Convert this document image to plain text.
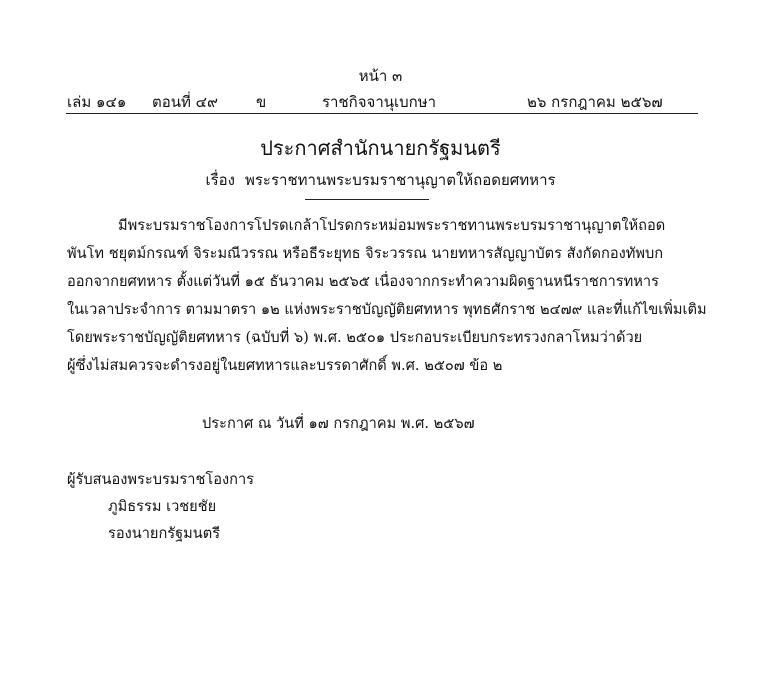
หน้า ๓
เล่ม ๑๔๑ ตอนที่ ๔๙	ข	ราชกิจจานุเบกษา	๒๖ กรกฎาคม ๒๕๖๗
ประกาศสำนักนายกรัฐมนตรี
เรื่อง พระราชทานพระบรมราชานุญาตให้ถอดยศทหาร
มีพระบรมราชโองการโปรดเกล้าโปรดกระหม่อมพระราชทานพระบรมราชานุญาตให้ถอด
พันโท ชยุตม์กรณฑ์ จิระมณีวรรณ หรือธีระยุทธ จิระวรรณ นายทหารสัญญาบัตร สังกัดกองทัพบก
ออกจากยศทหาร ตั้งแต่วันที่ ๑๕ ธันวาคม ๒๕๖๕ เนื่องจากกระทำความผิดฐานหนีราชการทหาร
ในเวลาประจำการ ตามมาตรา ๑๒ แห่งพระราชบัญญัติยศทหาร พุทธศักราช ๒๔๗๙ และที่แก้ไขเพิ่มเติม
โดยพระราชบัญญัติยศทหาร (ฉบับที่ ๖) พ.ศ. ๒๕๐๑ ประกอบระเบียบกระทรวงกลาโหมว่าด้วย
ผู้ซึ่งไม่สมควรจะดำรงอยู่ในยศทหารและบรรดาศักดิ์ พ.ศ. ๒๕๐๗ ข้อ ๒
ประกาศ ณ วันที่ ๑๗ กรกฎาคม พ.ศ. ๒๕๖๗
ผู้รับสนองพระบรมราชโองการ
ภูมิธรรม เวชยชัย
รองนายกรัฐมนตรี
